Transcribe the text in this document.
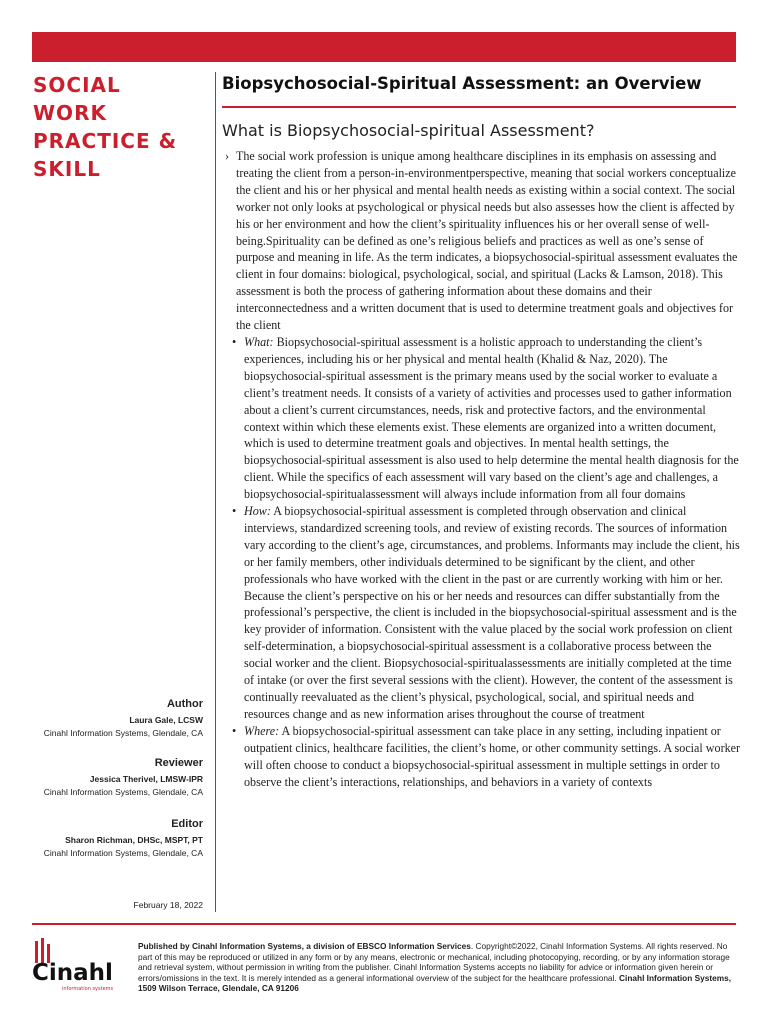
SOCIAL
WORK
PRACTICE &
SKILL
Biopsychosocial-Spiritual Assessment: an Overview
What is Biopsychosocial-spiritual Assessment?

› The social work profession is unique among healthcare disciplines in its emphasis on assessing and treating the client from a person-in-environmentperspective, meaning that social workers conceptualize the client and his or her physical and mental health needs as existing within a social context. The social worker not only looks at psychological or physical needs but also assesses how the client is affected by his or her environment and how the client’s spirituality influences his or her overall sense of well-being.Spirituality can be defined as one’s religious beliefs and practices as well as one’s sense of purpose and meaning in life. As the term indicates, a biopsychosocial-spiritual assessment evaluates the client in four domains: biological, psychological, social, and spiritual (Lacks & Lamson, 2018). This assessment is both the process of gathering information about these domains and their interconnectedness and a written document that is used to determine treatment goals and objectives for the client

• What: Biopsychosocial-spiritual assessment is a holistic approach to understanding the client’s experiences, including his or her physical and mental health (Khalid & Naz, 2020). The biopsychosocial-spiritual assessment is the primary means used by the social worker to evaluate a client’s treatment needs. It consists of a variety of activities and processes used to gather information about a client’s current circumstances, needs, risk and protective factors, and the environmental context within which these elements exist. These elements are organized into a written document, which is used to determine treatment goals and objectives. In mental health settings, the biopsychosocial-spiritual assessment is also used to help determine the mental health diagnosis for the client. While the specifics of each assessment will vary based on the client’s age and challenges, a biopsychosocial-spiritualassessment will always include information from all four domains

• How: A biopsychosocial-spiritual assessment is completed through observation and clinical interviews, standardized screening tools, and review of existing records. The sources of information vary according to the client’s age, circumstances, and problems. Informants may include the client, his or her family members, other individuals determined to be significant by the client, and other professionals who have worked with the client in the past or are currently working with him or her. Because the client’s perspective on his or her needs and resources can differ substantially from the professional’s perspective, the client is included in the biopsychosocial-spiritual assessment and is the key provider of information. Consistent with the value placed by the social work profession on client self-determination, a biopsychosocial-spiritual assessment is a collaborative process between the social worker and the client. Biopsychosocial-spiritualassessments are initially completed at the time of intake (or over the first several sessions with the client). However, the content of the assessment is continually reevaluated as the client’s physical, psychological, social, and spiritual needs and resources change and as new information arises throughout the course of treatment

• Where: A biopsychosocial-spiritual assessment can take place in any setting, including inpatient or outpatient clinics, healthcare facilities, the client’s home, or other community settings. A social worker will often choose to conduct a biopsychosocial-spiritual assessment in multiple settings in order to observe the client’s interactions, relationships, and behaviors in a variety of contexts

Author
Laura Gale, LCSW
Cinahl Information Systems, Glendale, CA
Reviewer
Jessica Therivel, LMSW-IPR
Cinahl Information Systems, Glendale, CA
Editor
Sharon Richman, DHSc, MSPT, PT
Cinahl Information Systems, Glendale, CA
February 18, 2022
Cinahl
information systems
Published by Cinahl Information Systems, a division of EBSCO Information Services. Copyright©2022, Cinahl Information Systems. All rights reserved. No part of this may be reproduced or utilized in any form or by any means, electronic or mechanical, including photocopying, recording, or by any information storage and retrieval system, without permission in writing from the publisher. Cinahl Information Systems accepts no liability for advice or information given herein or errors/omissions in the text. It is merely intended as a general informational overview of the subject for the healthcare professional. Cinahl Information Systems, 1509 Wilson Terrace, Glendale, CA 91206
